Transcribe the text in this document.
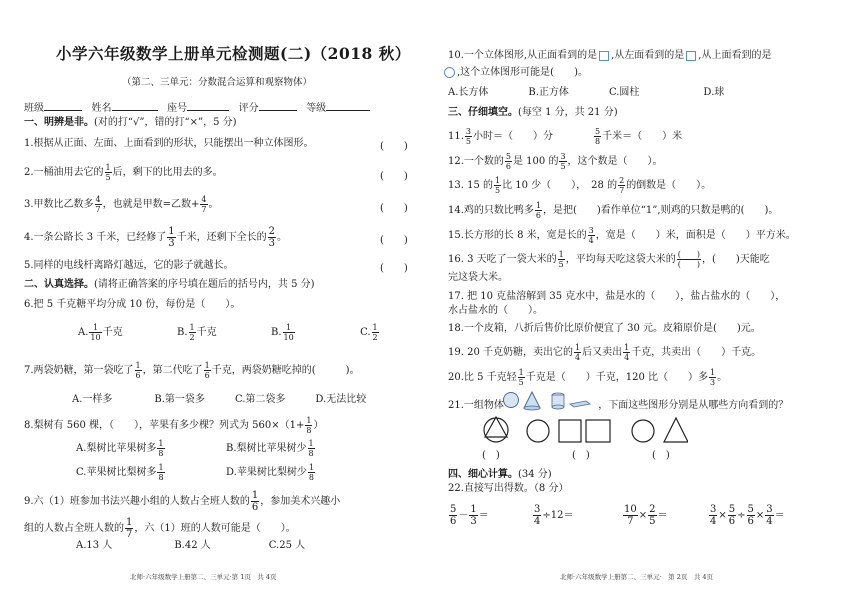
小学六年级数学上册单元检测题(二)（2018 秋）
（第二、三单元：分数混合运算和观察物体）
班级	姓名	座号	评分	等级
一、明辨是非。(对的打“√”，错的打“×”，5 分)
1.根据从正面、左面、上面看到的形状，只能摆出一种立体图形。	(　　)
2.一桶油用去它的 $\frac{1}{5}$ 后，剩下的比用去的多。	(　　)
3.甲数比乙数多 $\frac{4}{7}$ ，也就是甲数=乙数+ $\frac{4}{7}$ 。	(　　)
4.一条公路长 3 千米，已经修了 $\frac{1}{3}$ 千米，还剩下全长的 $\frac{2}{3}$ 。	(　　)
5.同样的电线杆离路灯越远，它的影子就越长。	(　　)
二、认真选择。(请将正确答案的序号填在题后的括号内，共 5 分)
6.把 5 千克糖平均分成 10 份，每份是（　　）。
A. $\frac{1}{10}$ 千克	B. $\frac{1}{2}$ 千克	B. $\frac{1}{10}$	C. $\frac{1}{2}$
7.两袋奶糖，第一袋吃了 $\frac{1}{6}$ ，第二代吃了 $\frac{1}{6}$ 千克，两袋奶糖吃掉的(　　　)。
A.一样多	B.第一袋多	C.第二袋多	D.无法比较
8.梨树有 560 棵，（　　），苹果有多少棵？列式为 $560\times(1+ \frac{1}{8}$ ）
A.梨树比苹果树多 $\frac{1}{8}$	B.梨树比苹果树少 $\frac{1}{8}$
C.苹果树比梨树多 $\frac{1}{8}$	D.苹果树比梨树少 $\frac{1}{8}$
9.六（1）班参加书法兴趣小组的人数占全班人数的 $\frac{1}{6}$ ，参加美术兴趣小
组的人数占全班人数的 $\frac{1}{7}$ ，六（1）班的人数可能是（　　）。
A.13 人	B.42 人	C.25 人
北师·六年级数学上册第二、三单元·第 1页　共 4页
10.一个立体图形,从正面看到的是 ,从左面看到的是 ,从上面看到的是
,这个立体图形可能是(　　)。
A.长方体	B.正方体	C.圆柱	D.球
三、仔细填空。(每空 1 分，共 21 分)
11. $\frac{3}{5}$ 小时＝（　　）分	$\frac{5}{8}$ 千米＝（　　）米
12.一个数的 $\frac{5}{6}$ 是 100 的 $\frac{3}{5}$ ，这个数是（　　）。
13. 15 的 $\frac{1}{5}$ 比 10 少（　　），　28 的 $\frac{2}{7}$ 的倒数是（　　）。
14.鸡的只数比鸭多 $\frac{1}{6}$ ，是把(　　)看作单位“1”,则鸡的只数是鸭的(　　)。
15.长方形的长 8 米，宽是长的 $\frac{3}{4}$ ，宽是（　　）米，面积是（　　）平方米。
16. 3 天吃了一袋大米的 $\frac{1}{5}$ ，平均每天吃这袋大米的 $\frac{( )}{( )}$ ，(　　)天能吃
完这袋大米。
17. 把 10 克盐溶解到 35 克水中，盐是水的（　　），盐占盐水的（　　），
水占盐水的（　　）。
18.一个皮箱，八折后售价比原价便宜了 30 元。皮箱原价是(　　)元。
19. 20 千克奶糖，卖出它的 $\frac{1}{4}$ 后又卖出 $\frac{1}{4}$ 千克，共卖出（　　）千克。
20.比 5 千克轻 $\frac{1}{5}$ 千克是（　　）千克，120 比（　　）多 $\frac{1}{3}$ 。
21.一组物体	，下面这些图形分别是从哪些方向看到的？
(　)	(　)	(　)
四、细心计算。(34 分)
22.直接写出得数。（8 分）
$\frac{5}{6} - \frac{1}{3}$ ＝	$\frac{3}{4} \div 12=$	$\frac{10}{7} \times \frac{2}{5}$ ＝	$\frac{3}{4} \times \frac{5}{6} \div \frac{5}{6} \times \frac{3}{4}$ ＝
北师·六年级数学上册第二、三单元·　第 2页　共 4页
